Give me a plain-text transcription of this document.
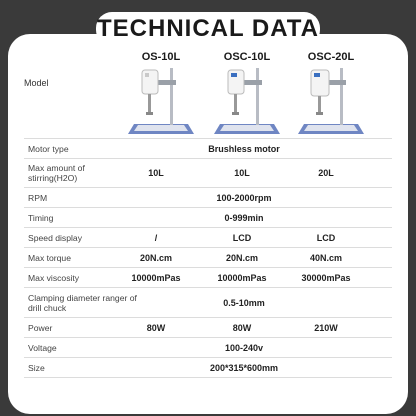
TECHNICAL DATA
Model
OS-10L	OSC-10L	OSC-20L
Motor type	Brushless motor
Max amount of stirring(H2O)	10L	10L	20L
RPM	100-2000rpm
Timing	0-999min
Speed display	/	LCD	LCD
Max torque	20N.cm	20N.cm	40N.cm
Max viscosity	10000mPas	10000mPas	30000mPas
Clamping diameter ranger of drill chuck	0.5-10mm
Power	80W	80W	210W
Voltage	100-240v
Size	200*315*600mm
